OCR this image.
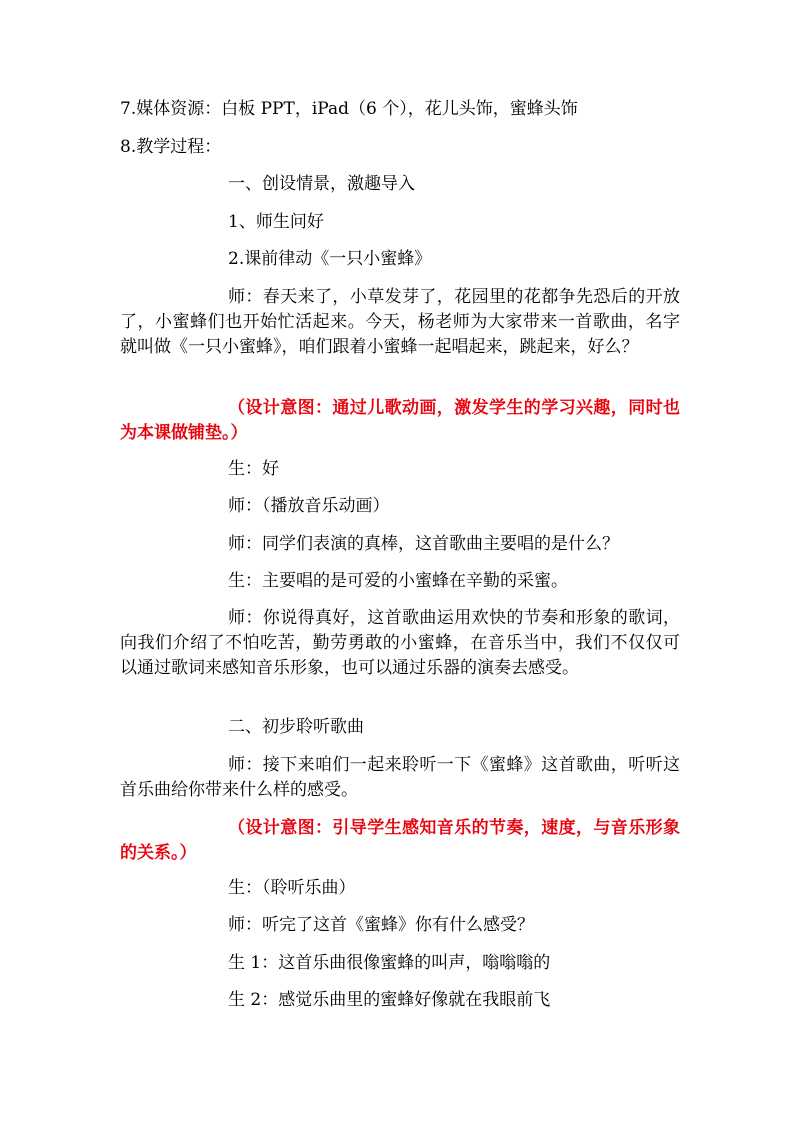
7.媒体资源：白板 PPT，iPad（6 个），花儿头饰，蜜蜂头饰
8.教学过程：
一、创设情景，激趣导入
1、师生问好
2.课前律动《一只小蜜蜂》
师：春天来了，小草发芽了，花园里的花都争先恐后的开放了，小蜜蜂们也开始忙活起来。今天，杨老师为大家带来一首歌曲，名字就叫做《一只小蜜蜂》，咱们跟着小蜜蜂一起唱起来，跳起来，好么？
（设计意图：通过儿歌动画，激发学生的学习兴趣，同时也为本课做铺垫。）
生：好
师：（播放音乐动画）
师：同学们表演的真棒，这首歌曲主要唱的是什么？
生：主要唱的是可爱的小蜜蜂在辛勤的采蜜。
师：你说得真好，这首歌曲运用欢快的节奏和形象的歌词，向我们介绍了不怕吃苦，勤劳勇敢的小蜜蜂，在音乐当中，我们不仅仅可以通过歌词来感知音乐形象，也可以通过乐器的演奏去感受。
二、初步聆听歌曲
师：接下来咱们一起来聆听一下《蜜蜂》这首歌曲，听听这首乐曲给你带来什么样的感受。
（设计意图：引导学生感知音乐的节奏，速度，与音乐形象的关系。）
生：（聆听乐曲）
师：听完了这首《蜜蜂》你有什么感受？
生 1：这首乐曲很像蜜蜂的叫声，嗡嗡嗡的
生 2：感觉乐曲里的蜜蜂好像就在我眼前飞
